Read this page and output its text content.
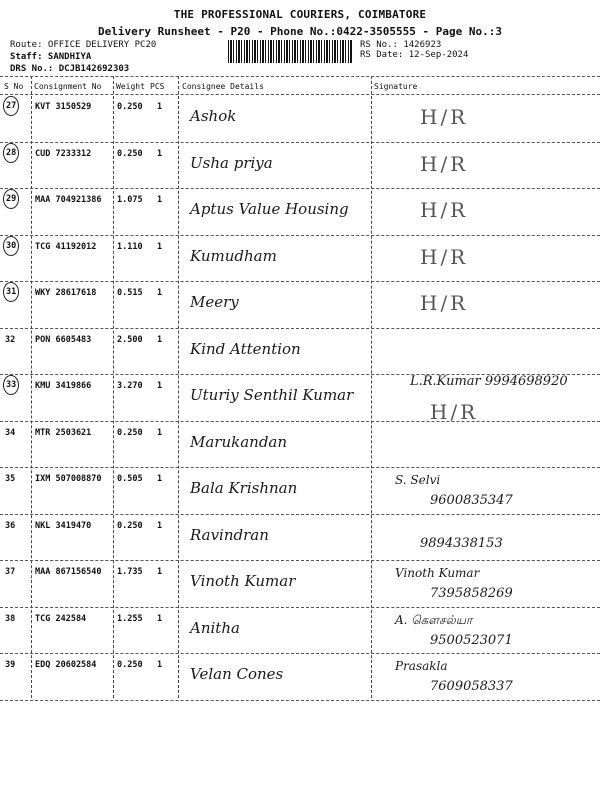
THE PROFESSIONAL COURIERS, COIMBATORE
Delivery Runsheet - P20 - Phone No.:0422-3505555 - Page No.:3
Route: OFFICE DELIVERY PC20
Staff: SANDHIYA
DRS No.: DCJB142692303
RS No.: 1426923
RS Date: 12-Sep-2024
S No Consignment No Weight PCS Consignee Details	Signature
27	KVT 3150529	0.250 1 Ashok	H/R
28	CUD 7233312	0.250 1 Usha priya	H/R
29	MAA 704921386 1.075 1 Aptus Value Housing	H/R
30	TCG 41192012 1.110 1 Kumudham	H/R
31	WKY 28617618 0.515 1 Meery	H/R
32 PON 6605483	2.500 1 Kind Attention
33	KMU 3419866	3.270 1 Uturiy Senthil Kumar
H/R
L.R.Kumar 9994698920
34 MTR 2503621	0.250 1 Marukandan
35 IXM 507008870 0.505 1 Bala Krishnan	S. Selvi
9600835347
36 NKL 3419470	0.250 1 Ravindran	9894338153
37 MAA 867156540 1.735 1 Vinoth Kumar	Vinoth Kumar
7395858269
38 TCG 242584	1.255 1 Anitha	A. கௌசல்யா
9500523071
39 EDQ 20602584 0.250 1 Velan Cones	Prasakla
7609058337
